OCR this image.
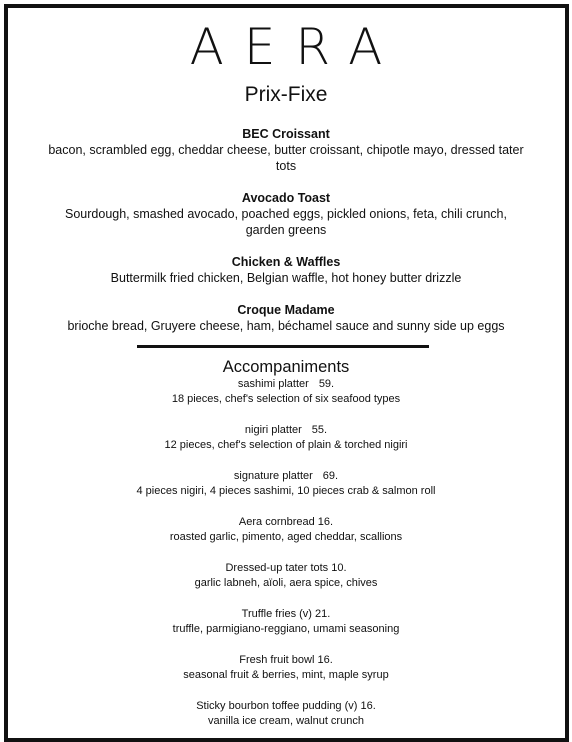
AERA
Prix-Fixe
BEC Croissant
bacon, scrambled egg, cheddar cheese, butter croissant, chipotle mayo, dressed tater tots
Avocado Toast
Sourdough, smashed avocado, poached eggs, pickled onions, feta, chili crunch, garden greens
Chicken & Waffles
Buttermilk fried chicken, Belgian waffle, hot honey butter drizzle
Croque Madame
brioche bread, Gruyere cheese, ham, béchamel sauce and sunny side up eggs
Accompaniments
sashimi platter 59.
18 pieces, chef's selection of six seafood types
nigiri platter 55.
12 pieces, chef's selection of plain & torched nigiri
signature platter 69.
4 pieces nigiri, 4 pieces sashimi, 10 pieces crab & salmon roll
Aera cornbread 16.
roasted garlic, pimento, aged cheddar, scallions
Dressed-up tater tots 10.
garlic labneh, aïoli, aera spice, chives
Truffle fries (v) 21.
truffle, parmigiano-reggiano, umami seasoning
Fresh fruit bowl 16.
seasonal fruit & berries, mint, maple syrup
Sticky bourbon toffee pudding (v) 16.
vanilla ice cream, walnut crunch
